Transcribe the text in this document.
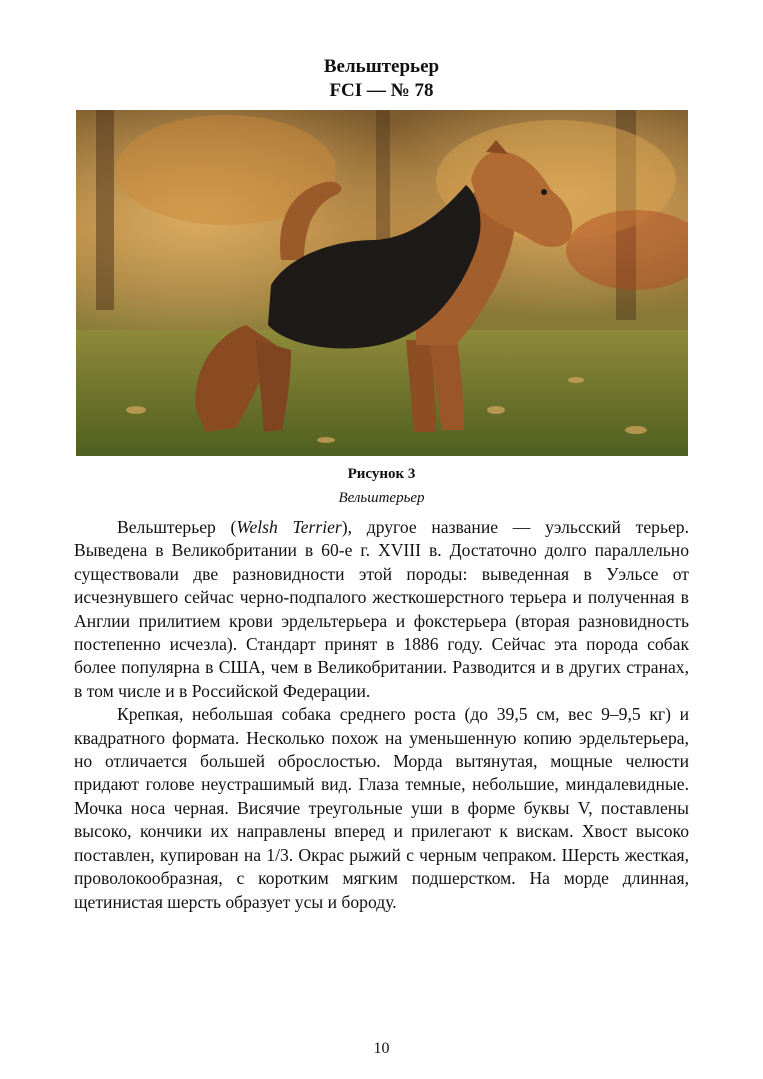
Вельштерьер
FCI — № 78
Рисунок 3
Вельштерьер

Вельштерьер (Welsh Terrier), другое название — уэльсский терьер. Выведена в Великобритании в 60-е г. XVIII в. Достаточно долго параллельно существовали две разновидности этой породы: выведенная в Уэльсе от исчезнувшего сейчас черно-подпалого жесткошерстного терьера и полученная в Англии прилитием крови эрдельтерьера и фокстерьера (вторая разновидность постепенно исчезла). Стандарт принят в 1886 году. Сейчас эта порода собак более популярна в США, чем в Великобритании. Разводится и в других странах, в том числе и в Российской Федерации.

Крепкая, небольшая собака среднего роста (до 39,5 см, вес 9–9,5 кг) и квадратного формата. Несколько похож на уменьшенную копию эрдельтерьера, но отличается большей оброслостью. Морда вытянутая, мощные челюсти придают голове неустрашимый вид. Глаза темные, небольшие, миндалевидные. Мочка носа черная. Висячие треугольные уши в форме буквы V, поставлены высоко, кончики их направлены вперед и прилегают к вискам. Хвост высоко поставлен, купирован на 1/3. Окрас рыжий с черным чепраком. Шерсть жесткая, проволокообразная, с коротким мягким подшерстком. На морде длинная, щетинистая шерсть образует усы и бороду.

10
